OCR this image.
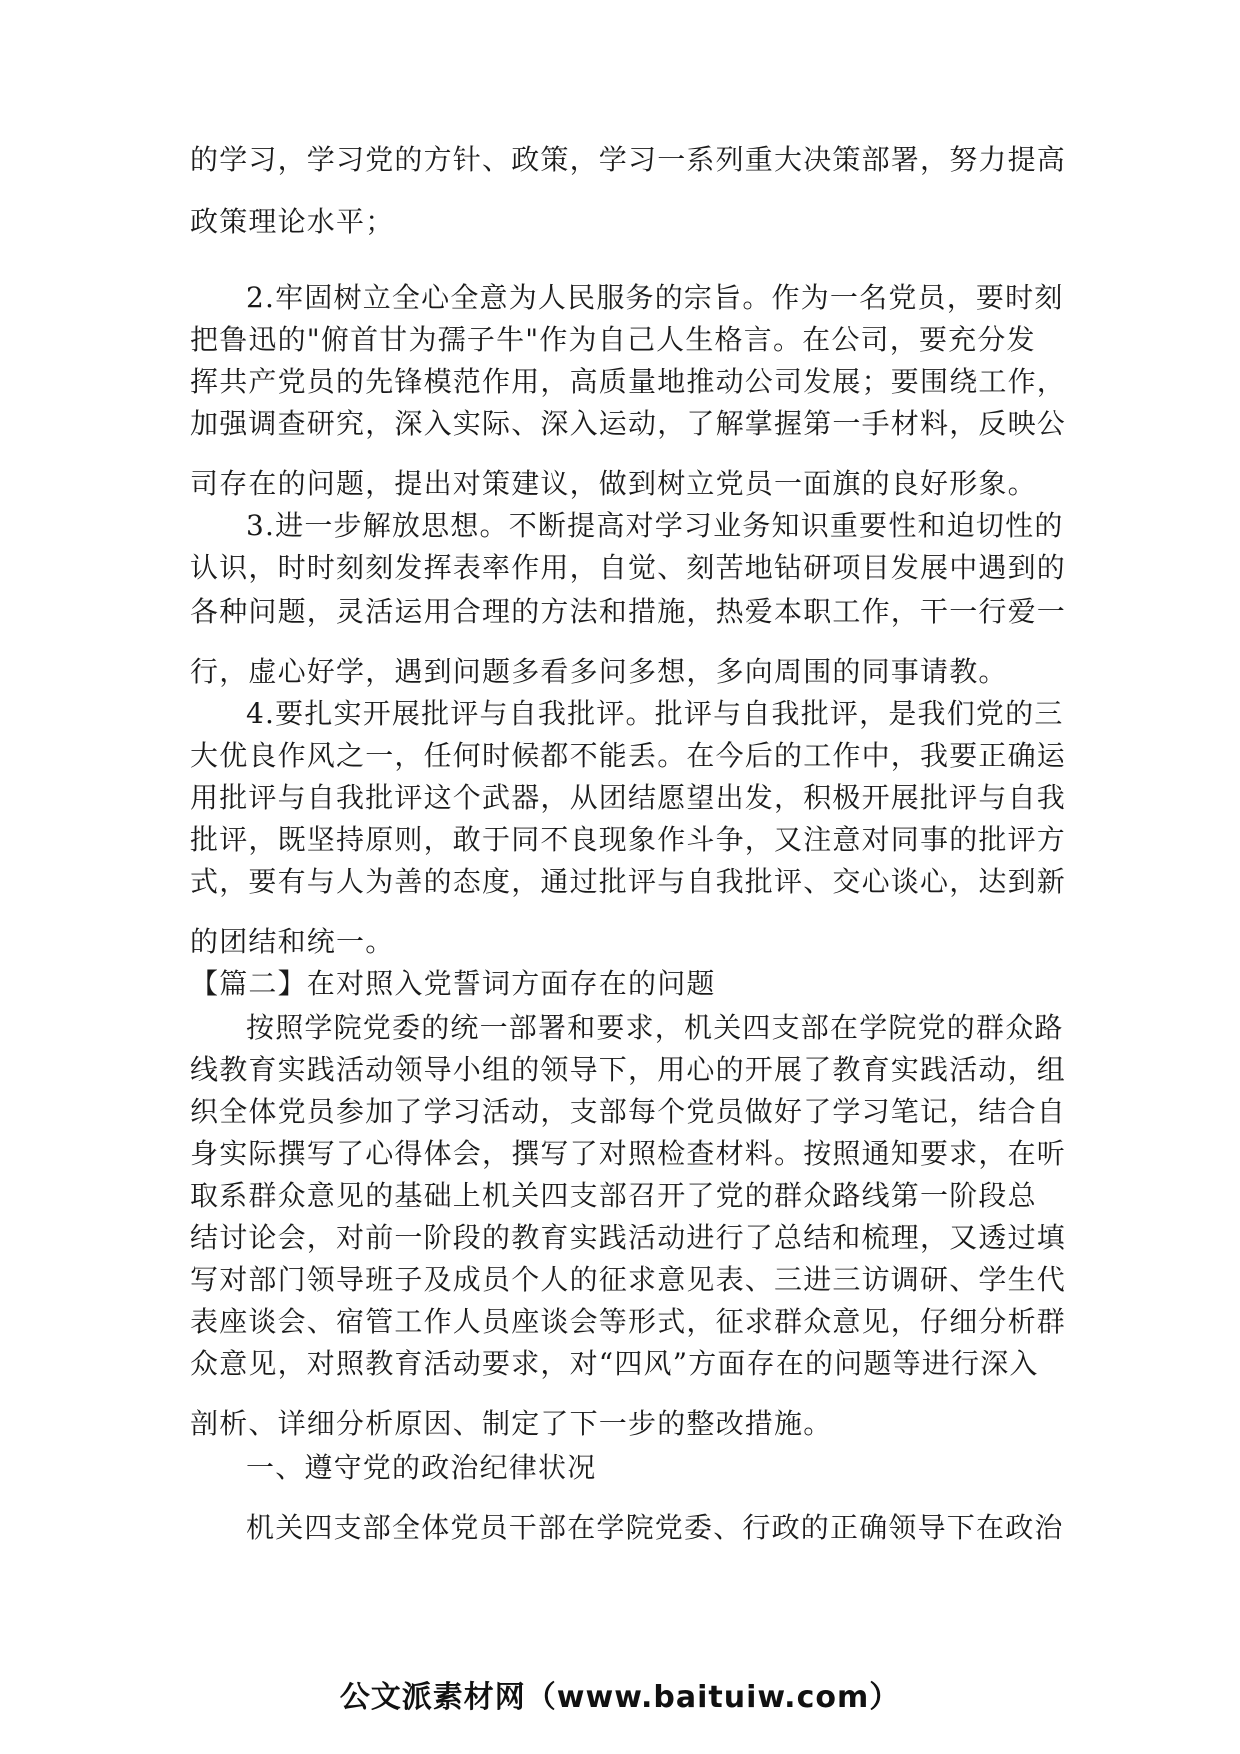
的学习，学习党的方针、政策，学习一系列重大决策部署，努力提高
政策理论水平；
2.牢固树立全心全意为人民服务的宗旨。作为一名党员，要时刻
把鲁迅的"俯首甘为孺子牛"作为自己人生格言。在公司，要充分发
挥共产党员的先锋模范作用，高质量地推动公司发展；要围绕工作，
加强调查研究，深入实际、深入运动，了解掌握第一手材料，反映公
司存在的问题，提出对策建议，做到树立党员一面旗的良好形象。
3.进一步解放思想。不断提高对学习业务知识重要性和迫切性的
认识，时时刻刻发挥表率作用，自觉、刻苦地钻研项目发展中遇到的
各种问题，灵活运用合理的方法和措施，热爱本职工作，干一行爱一
行，虚心好学，遇到问题多看多问多想，多向周围的同事请教。
4.要扎实开展批评与自我批评。批评与自我批评，是我们党的三
大优良作风之一，任何时候都不能丢。在今后的工作中，我要正确运
用批评与自我批评这个武器，从团结愿望出发，积极开展批评与自我
批评，既坚持原则，敢于同不良现象作斗争，又注意对同事的批评方
式，要有与人为善的态度，通过批评与自我批评、交心谈心，达到新
的团结和统一。
【篇二】在对照入党誓词方面存在的问题
按照学院党委的统一部署和要求，机关四支部在学院党的群众路
线教育实践活动领导小组的领导下，用心的开展了教育实践活动，组
织全体党员参加了学习活动，支部每个党员做好了学习笔记，结合自
身实际撰写了心得体会，撰写了对照检查材料。按照通知要求，在听
取系群众意见的基础上机关四支部召开了党的群众路线第一阶段总
结讨论会，对前一阶段的教育实践活动进行了总结和梳理，又透过填
写对部门领导班子及成员个人的征求意见表、三进三访调研、学生代
表座谈会、宿管工作人员座谈会等形式，征求群众意见，仔细分析群
众意见，对照教育活动要求，对“四风”方面存在的问题等进行深入
剖析、详细分析原因、制定了下一步的整改措施。
一、遵守党的政治纪律状况
机关四支部全体党员干部在学院党委、行政的正确领导下在政治
公文派素材网（www.baituiw.com）
